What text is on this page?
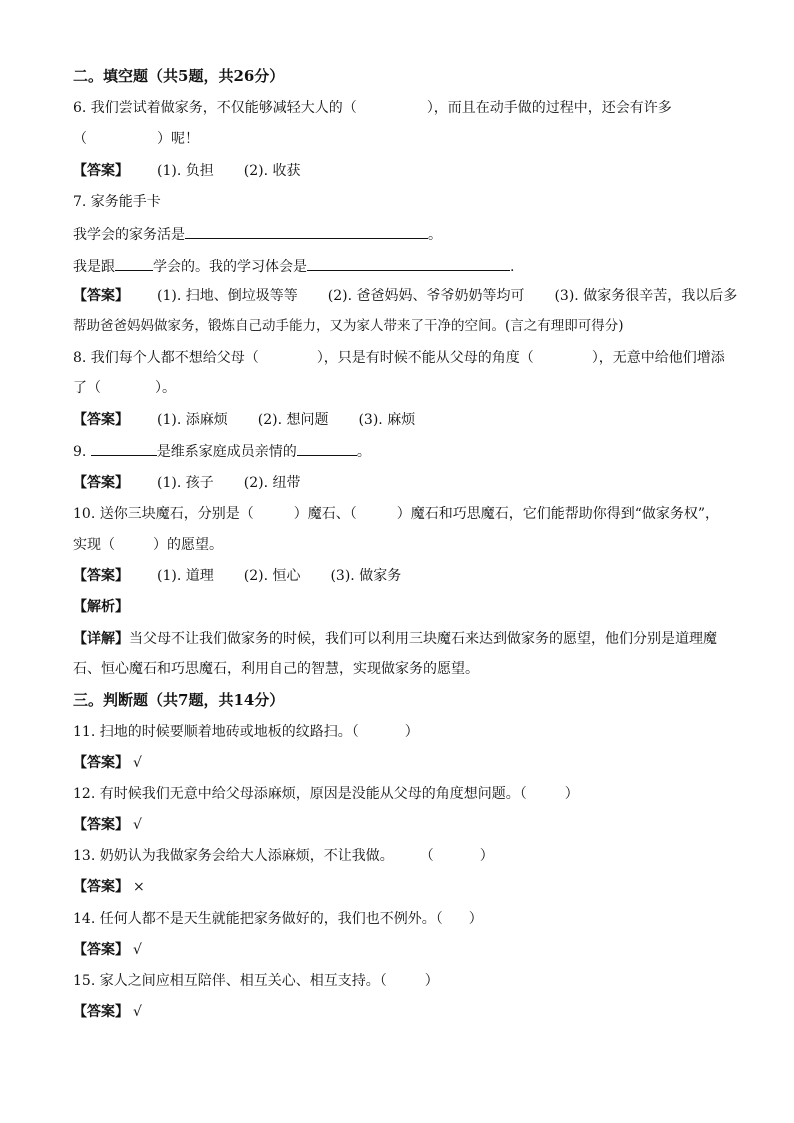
二。填空题（共5题，共26分）
6. 我们尝试着做家务，不仅能够减轻大人的（	），而且在动手做的过程中，还会有许多
（	）呢！
【答案】 (1). 负担 (2). 收获
7. 家务能手卡
我学会的家务活是	。
我是跟	学会的。我的学习体会是	.
【答案】 (1). 扫地、倒垃圾等等 (2). 爸爸妈妈、爷爷奶奶等均可 (3). 做家务很辛苦，我以后多
帮助爸爸妈妈做家务，锻炼自己动手能力，又为家人带来了干净的空间。(言之有理即可得分)
8. 我们每个人都不想给父母（	），只是有时候不能从父母的角度（	），无意中给他们增添
了（	）。
【答案】 (1). 添麻烦 (2). 想问题 (3). 麻烦
9.	是维系家庭成员亲情的	。
【答案】 (1). 孩子 (2). 纽带
10. 送你三块魔石，分别是（	）魔石、（	）魔石和巧思魔石，它们能帮助你得到“做家务权”，
实现（	）的愿望。
【答案】 (1). 道理 (2). 恒心 (3). 做家务
【解析】
【详解】当父母不让我们做家务的时候，我们可以利用三块魔石来达到做家务的愿望，他们分别是道理魔
石、恒心魔石和巧思魔石，利用自己的智慧，实现做家务的愿望。
三。判断题（共7题，共14分）
11. 扫地的时候要顺着地砖或地板的纹路扫。（	）
【答案】 √
12. 有时候我们无意中给父母添麻烦，原因是没能从父母的角度想问题。（	）
【答案】 √
13. 奶奶认为我做家务会给大人添麻烦，不让我做。 （	）
【答案】 ×
14. 任何人都不是天生就能把家务做好的，我们也不例外。（ ）
【答案】 √
15. 家人之间应相互陪伴、相互关心、相互支持。（	）
【答案】 √
